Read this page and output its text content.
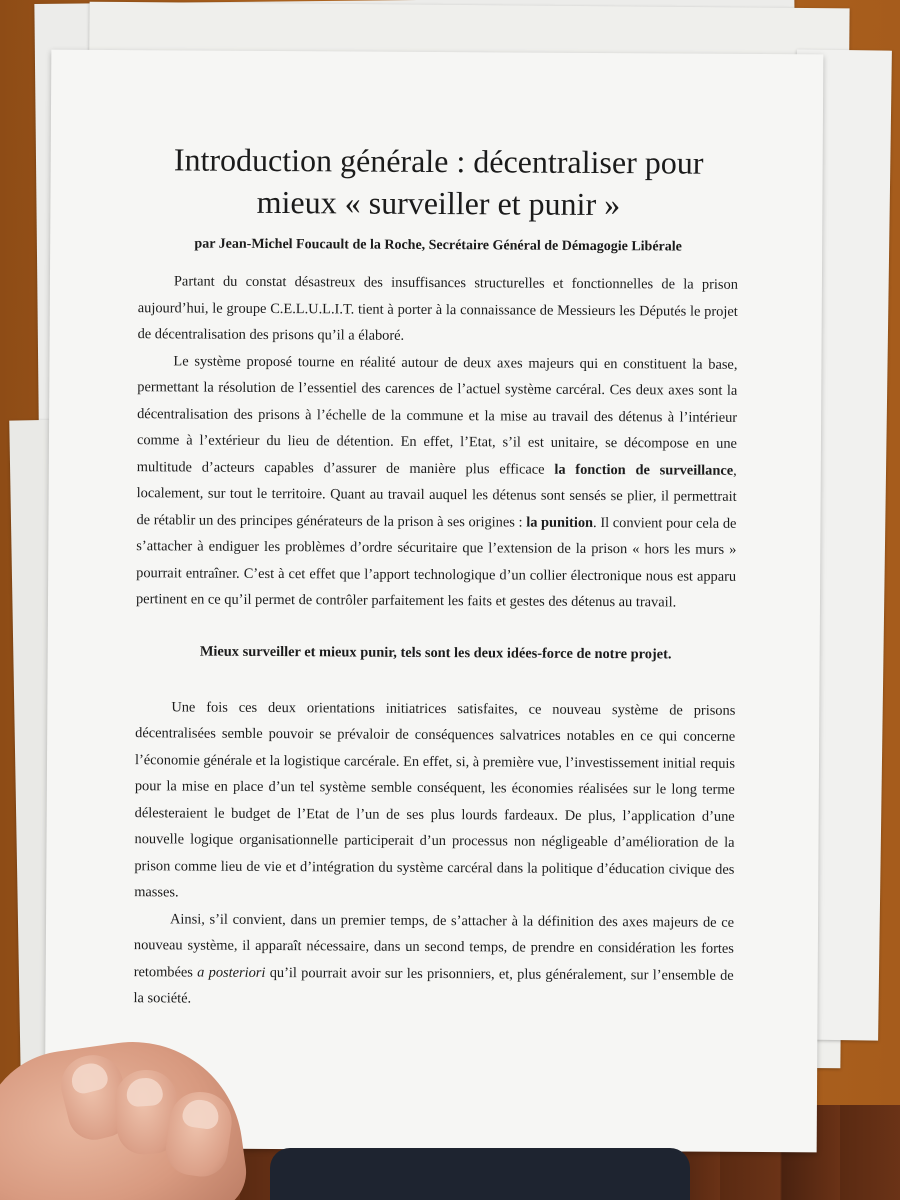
Introduction générale : décentraliser pour
mieux « surveiller et punir »
par Jean-Michel Foucault de la Roche, Secrétaire Général de Démagogie Libérale

Partant du constat désastreux des insuffisances structurelles et fonctionnelles de la prison aujourd’hui, le groupe C.E.L.U.L.I.T. tient à porter à la connaissance de Messieurs les Députés le projet de décentralisation des prisons qu’il a élaboré.

Le système proposé tourne en réalité autour de deux axes majeurs qui en constituent la base, permettant la résolution de l’essentiel des carences de l’actuel système carcéral. Ces deux axes sont la décentralisation des prisons à l’échelle de la commune et la mise au travail des détenus à l’intérieur comme à l’extérieur du lieu de détention. En effet, l’Etat, s’il est unitaire, se décompose en une multitude d’acteurs capables d’assurer de manière plus efficace la fonction de surveillance, localement, sur tout le territoire. Quant au travail auquel les détenus sont sensés se plier, il permettrait de rétablir un des principes générateurs de la prison à ses origines : la punition. Il convient pour cela de s’attacher à endiguer les problèmes d’ordre sécuritaire que l’extension de la prison « hors les murs » pourrait entraîner. C’est à cet effet que l’apport technologique d’un collier électronique nous est apparu pertinent en ce qu’il permet de contrôler parfaitement les faits et gestes des détenus au travail.

Mieux surveiller et mieux punir, tels sont les deux idées-force de notre projet.

Une fois ces deux orientations initiatrices satisfaites, ce nouveau système de prisons décentralisées semble pouvoir se prévaloir de conséquences salvatrices notables en ce qui concerne l’économie générale et la logistique carcérale. En effet, si, à première vue, l’investissement initial requis pour la mise en place d’un tel système semble conséquent, les économies réalisées sur le long terme délesteraient le budget de l’Etat de l’un de ses plus lourds fardeaux. De plus, l’application d’une nouvelle logique organisationnelle participerait d’un processus non négligeable d’amélioration de la prison comme lieu de vie et d’intégration du système carcéral dans la politique d’éducation civique des masses.

Ainsi, s’il convient, dans un premier temps, de s’attacher à la définition des axes majeurs de ce nouveau système, il apparaît nécessaire, dans un second temps, de prendre en considération les fortes retombées a posteriori qu’il pourrait avoir sur les prisonniers, et, plus généralement, sur l’ensemble de la société.
